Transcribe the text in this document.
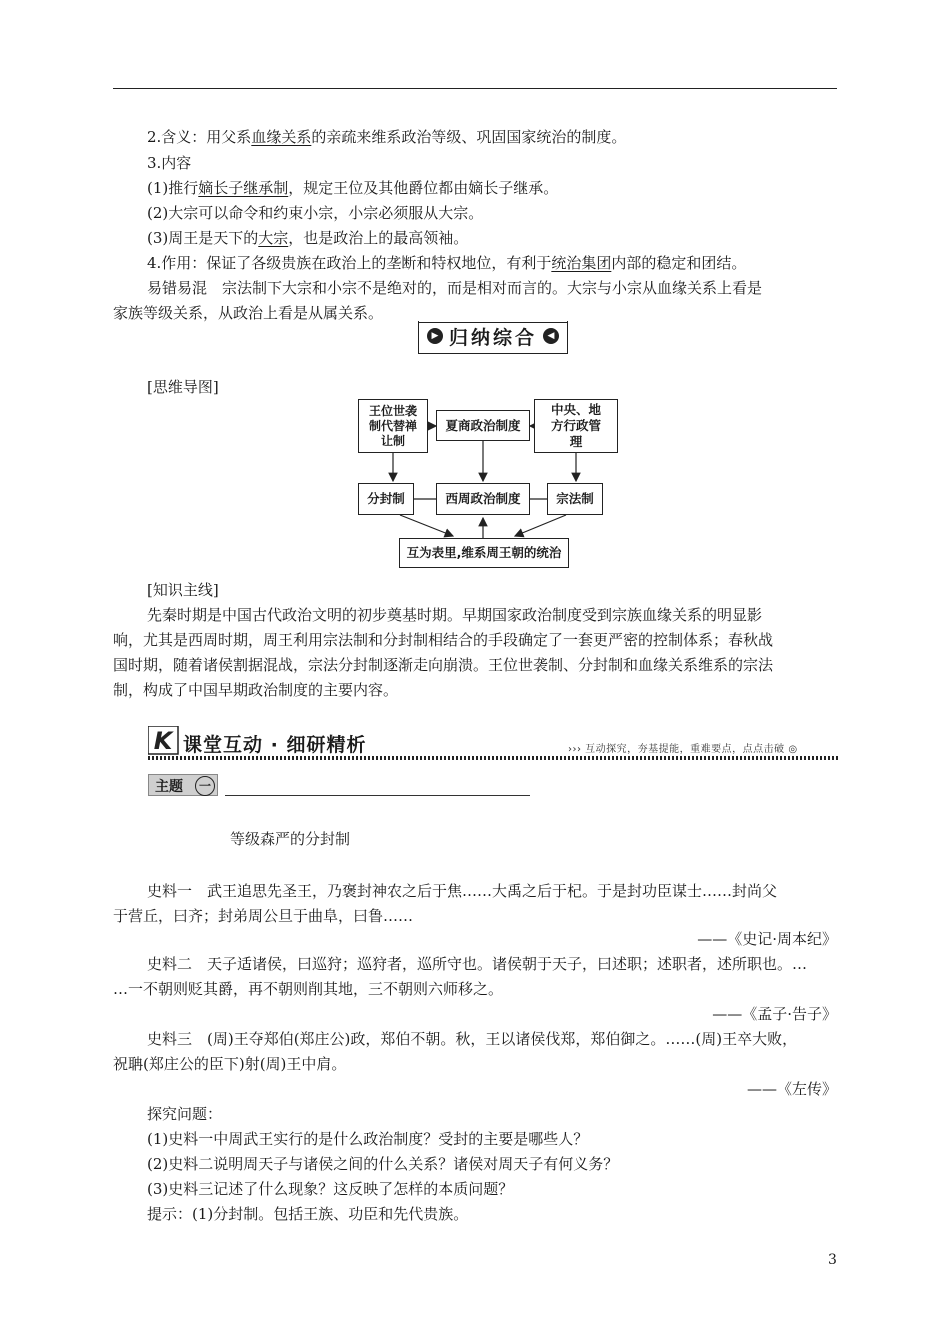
2.含义：用父系血缘关系的亲疏来维系政治等级、巩固国家统治的制度。
3.内容
(1)推行嫡长子继承制，规定王位及其他爵位都由嫡长子继承。
(2)大宗可以命令和约束小宗，小宗必须服从大宗。
(3)周王是天下的大宗，也是政治上的最高领袖。
4.作用：保证了各级贵族在政治上的垄断和特权地位，有利于统治集团内部的稳定和团结。
易错易混　宗法制下大宗和小宗不是绝对的，而是相对而言的。大宗与小宗从血缘关系上看是
家族等级关系，从政治上看是从属关系。
▶ 归纳综合	◀
[思维导图]
王位世袭制代替禅让制
夏商政治制度
中央、地方行政管理
分封制	西周政治制度	宗法制
互为表里,维系周王朝的统治
[知识主线]
先秦时期是中国古代政治文明的初步奠基时期。早期国家政治制度受到宗族血缘关系的明显影
响，尤其是西周时期，周王利用宗法制和分封制相结合的手段确定了一套更严密的控制体系；春秋战
国时期，随着诸侯割据混战，宗法分封制逐渐走向崩溃。王位世袭制、分封制和血缘关系维系的宗法
制，构成了中国早期政治制度的主要内容。
K 课堂互动 · 细研精析	››› 互动探究，夯基提能，重难要点，点点击破 ◎
主题	一
等级森严的分封制
史料一　武王追思先圣王，乃褒封神农之后于焦……大禹之后于杞。于是封功臣谋士……封尚父
于营丘，曰齐；封弟周公旦于曲阜，曰鲁……
——《史记·周本纪》
史料二　天子适诸侯，曰巡狩；巡狩者，巡所守也。诸侯朝于天子，曰述职；述职者，述所职也。…
…一不朝则贬其爵，再不朝则削其地，三不朝则六师移之。
——《孟子·告子》
史料三　(周)王夺郑伯(郑庄公)政，郑伯不朝。秋，王以诸侯伐郑，郑伯御之。……(周)王卒大败，
祝聃(郑庄公的臣下)射(周)王中肩。
——《左传》
探究问题：
(1)史料一中周武王实行的是什么政治制度？受封的主要是哪些人？
(2)史料二说明周天子与诸侯之间的什么关系？诸侯对周天子有何义务？
(3)史料三记述了什么现象？这反映了怎样的本质问题？
提示：(1)分封制。包括王族、功臣和先代贵族。
3
